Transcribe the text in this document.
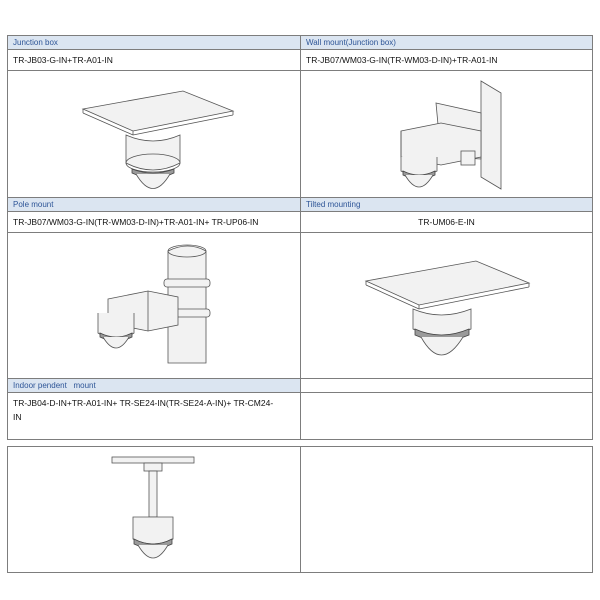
Junction box	Wall mount(Junction box)
TR-JB03-G-IN+TR-A01-IN	TR-JB07/WM03-G-IN(TR-WM03-D-IN)+TR-A01-IN
Pole mount	Tilted mounting
TR-JB07/WM03-G-IN(TR-WM03-D-IN)+TR-A01-IN+ TR-UP06-IN	TR-UM06-E-IN
Indoor pendent   mount
TR-JB04-D-IN+TR-A01-IN+ TR-SE24-IN(TR-SE24-A-IN)+ TR-CM24-
IN
